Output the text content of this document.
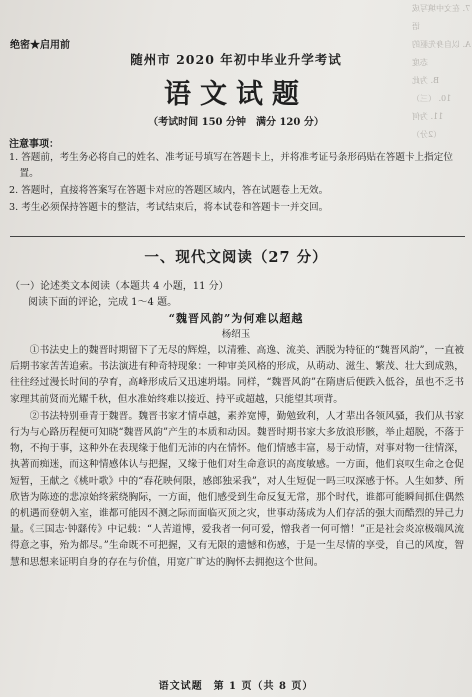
7. 在文中填写成语
A. 以自身先驱的态度
B. 为此
10. （三）
11. 为何
（2分）
绝密★启用前
随州市 2020 年初中毕业升学考试
语文试题
（考试时间 150 分钟　满分 120 分）
注意事项：
1. 答题前，考生务必将自己的姓名、准考证号填写在答题卡上，并将准考证号条形码贴在答题卡上指定位置。
2. 答题时，直接将答案写在答题卡对应的答题区域内，答在试题卷上无效。
3. 考生必须保持答题卡的整洁，考试结束后，将本试卷和答题卡一并交回。
一、现代文阅读（27 分）
（一）论述类文本阅读（本题共 4 小题，11 分）
阅读下面的评论，完成 1～4 题。
“魏晋风韵”为何难以超越
杨绍玉

①书法史上的魏晋时期留下了无尽的辉煌，以清雅、高逸、流美、洒脱为特征的“魏晋风韵”，一直被后期书家苦苦追索。书法演进有种奇特现象：一种审美风格的形成，从萌动、滋生、繁茂、壮大到成熟，往往经过漫长时间的孕育，高峰形成后又迅速坍塌。同样，“魏晋风韵”在隋唐后便跌入低谷，虽也不乏书家理其前贤而光耀千秋，但水准始终难以接近、持平或超越，只能望其项背。

②书法特别垂青于魏晋。魏晋书家才情卓越，素养宽博，勤勉致利，人才辈出各领风骚，我们从书家行为与心路历程便可知晓“魏晋风韵”产生的本质和动因。魏晋时期书家大多放浪形骸，举止超脱，不落于物，不拘于事，这种外在表现缘于他们无沛的内在情怀。他们情感丰富，易于动情，对事对物一往情深，执著而痴迷，而这种情感体认与把握，又缘于他们对生命意识的高度敏感。一方面，他们哀叹生命之仓促短暂，王献之《桃叶歌》中的“春花映何限，感郎独采我”，对人生短促一吗三叹深感于怀。人生如梦、所欣皆为陈迹的悲凉始终萦绕胸际，一方面，他们感受到生命反复无常，那个时代，谁都可能瞬间抓住偶然的机遇而登朝入室，谁都可能因不测之际而面临灭顶之灾，世事动荡成为人们存活的强大而酷烈的异己力量。《三国志·钟繇传》中记载：“人苦道博，爱我者一何可爱，憎我者一何可憎！”正是社会炎凉极端风流得意之事，殆为都尽。”生命既不可把握，又有无限的遗憾和伤感，于是一生尽情的享受，自己的风度，智慧和思想来证明自身的存在与价值，用宽广旷达的胸怀去拥抱这个世间。

语文试题　第 1 页（共 8 页）
